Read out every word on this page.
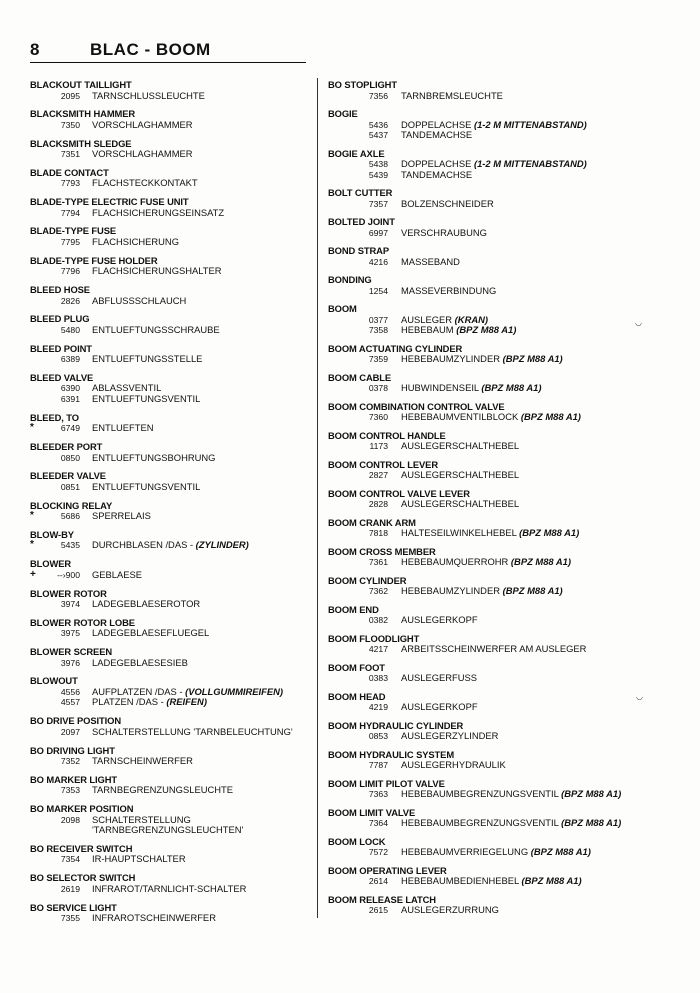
8	BLAC - BOOM
BLACKOUT TAILLIGHT
2095 TARNSCHLUSSLEUCHTE
BLACKSMITH HAMMER
7350 VORSCHLAGHAMMER
BLACKSMITH SLEDGE
7351 VORSCHLAGHAMMER
BLADE CONTACT
7793 FLACHSTECKKONTAKT
BLADE-TYPE ELECTRIC FUSE UNIT
7794 FLACHSICHERUNGSEINSATZ
BLADE-TYPE FUSE
7795 FLACHSICHERUNG
BLADE-TYPE FUSE HOLDER
7796 FLACHSICHERUNGSHALTER
BLEED HOSE
2826 ABFLUSSSCHLAUCH
BLEED PLUG
5480 ENTLUEFTUNGSSCHRAUBE
BLEED POINT
6389 ENTLUEFTUNGSSTELLE
BLEED VALVE
6390 ABLASSVENTIL
6391 ENTLUEFTUNGSVENTIL
BLEED, TO
*	6749 ENTLUEFTEN
BLEEDER PORT
0850 ENTLUEFTUNGSBOHRUNG
BLEEDER VALVE
0851 ENTLUEFTUNGSVENTIL
BLOCKING RELAY
*	5686 SPERRELAIS
BLOW-BY
*	5435 DURCHBLASEN /DAS - (ZYLINDER)
BLOWER
+	--›900 GEBLAESE
BLOWER ROTOR
3974 LADEGEBLAESEROTOR
BLOWER ROTOR LOBE
3975 LADEGEBLAESEFLUEGEL
BLOWER SCREEN
3976 LADEGEBLAESESIEB
BLOWOUT
4556 AUFPLATZEN /DAS - (VOLLGUMMIREIFEN)
4557 PLATZEN /DAS - (REIFEN)
BO DRIVE POSITION
2097 SCHALTERSTELLUNG 'TARNBELEUCHTUNG'
BO DRIVING LIGHT
7352 TARNSCHEINWERFER
BO MARKER LIGHT
7353 TARNBEGRENZUNGSLEUCHTE
BO MARKER POSITION
2098 SCHALTERSTELLUNG
'TARNBEGRENZUNGSLEUCHTEN'
BO RECEIVER SWITCH
7354 IR-HAUPTSCHALTER
BO SELECTOR SWITCH
2619 INFRAROT/TARNLICHT-SCHALTER
BO SERVICE LIGHT
7355 INFRAROTSCHEINWERFER
BO STOPLIGHT
7356 TARNBREMSLEUCHTE
BOGIE
5436 DOPPELACHSE (1-2 M MITTENABSTAND)
5437 TANDEMACHSE
BOGIE AXLE
5438 DOPPELACHSE (1-2 M MITTENABSTAND)
5439 TANDEMACHSE
BOLT CUTTER
7357 BOLZENSCHNEIDER
BOLTED JOINT
6997 VERSCHRAUBUNG
BOND STRAP
4216 MASSEBAND
BONDING
1254 MASSEVERBINDUNG
BOOM
0377 AUSLEGER (KRAN)
7358 HEBEBAUM (BPZ M88 A1)
BOOM ACTUATING CYLINDER
7359 HEBEBAUMZYLINDER (BPZ M88 A1)
BOOM CABLE
0378 HUBWINDENSEIL (BPZ M88 A1)
BOOM COMBINATION CONTROL VALVE
7360 HEBEBAUMVENTILBLOCK (BPZ M88 A1)
BOOM CONTROL HANDLE
1173 AUSLEGERSCHALTHEBEL
BOOM CONTROL LEVER
2827 AUSLEGERSCHALTHEBEL
BOOM CONTROL VALVE LEVER
2828 AUSLEGERSCHALTHEBEL
BOOM CRANK ARM
7818 HALTESEILWINKELHEBEL (BPZ M88 A1)
BOOM CROSS MEMBER
7361 HEBEBAUMQUERROHR (BPZ M88 A1)
BOOM CYLINDER
7362 HEBEBAUMZYLINDER (BPZ M88 A1)
BOOM END
0382 AUSLEGERKOPF
BOOM FLOODLIGHT
4217 ARBEITSSCHEINWERFER AM AUSLEGER
BOOM FOOT
0383 AUSLEGERFUSS
BOOM HEAD
4219 AUSLEGERKOPF
BOOM HYDRAULIC CYLINDER
0853 AUSLEGERZYLINDER
BOOM HYDRAULIC SYSTEM
7787 AUSLEGERHYDRAULIK
BOOM LIMIT PILOT VALVE
7363 HEBEBAUMBEGRENZUNGSVENTIL (BPZ M88 A1)
BOOM LIMIT VALVE
7364 HEBEBAUMBEGRENZUNGSVENTIL (BPZ M88 A1)
BOOM LOCK
7572 HEBEBAUMVERRIEGELUNG (BPZ M88 A1)
BOOM OPERATING LEVER
2614 HEBEBAUMBEDIENHEBEL (BPZ M88 A1)
BOOM RELEASE LATCH
2615 AUSLEGERZURRUNG
◡
◡
